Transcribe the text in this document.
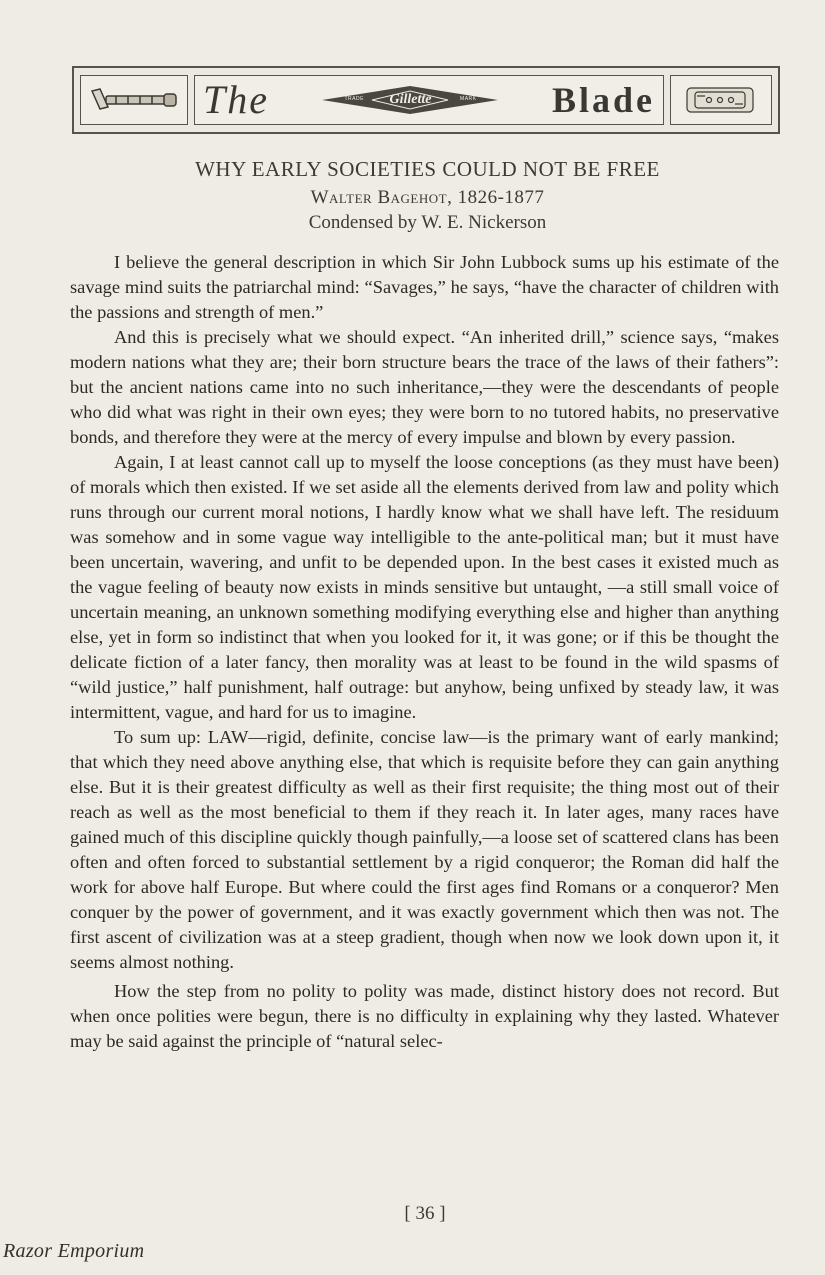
The	TRADE	Gillette	MARK Blade
WHY EARLY SOCIETIES COULD NOT BE FREE
Walter Bagehot, 1826-1877
Condensed by W. E. Nickerson

I believe the general description in which Sir John Lubbock sums up his estimate of the savage mind suits the patriarchal mind: “Savages,” he says, “have the character of children with the passions and strength of men.”

And this is precisely what we should expect. “An inherited drill,” science says, “makes modern nations what they are; their born structure bears the trace of the laws of their fathers”: but the ancient nations came into no such inheritance,—they were the descendants of people who did what was right in their own eyes; they were born to no tutored habits, no preservative bonds, and therefore they were at the mercy of every impulse and blown by every passion.

Again, I at least cannot call up to myself the loose conceptions (as they must have been) of morals which then existed. If we set aside all the elements derived from law and polity which runs through our current moral notions, I hardly know what we shall have left. The residuum was somehow and in some vague way intelligible to the ante-political man; but it must have been uncertain, wavering, and unfit to be depended upon. In the best cases it existed much as the vague feeling of beauty now exists in minds sensitive but untaught, —a still small voice of uncertain meaning, an unknown something modifying everything else and higher than anything else, yet in form so indistinct that when you looked for it, it was gone; or if this be thought the delicate fiction of a later fancy, then morality was at least to be found in the wild spasms of “wild justice,” half punishment, half outrage: but anyhow, being unfixed by steady law, it was intermittent, vague, and hard for us to imagine.

To sum up: LAW—rigid, definite, concise law—is the primary want of early mankind; that which they need above anything else, that which is requisite before they can gain anything else. But it is their greatest difficulty as well as their first requisite; the thing most out of their reach as well as the most beneficial to them if they reach it. In later ages, many races have gained much of this discipline quickly though painfully,—a loose set of scattered clans has been often and often forced to substantial settlement by a rigid conqueror; the Roman did half the work for above half Europe. But where could the first ages find Romans or a conqueror? Men conquer by the power of government, and it was exactly government which then was not. The first ascent of civilization was at a steep gradient, though when now we look down upon it, it seems almost nothing.

How the step from no polity to polity was made, distinct history does not record. But when once polities were begun, there is no difficulty in explaining why they lasted. Whatever may be said against the principle of “natural selec-

[ 36 ]
Razor Emporium
